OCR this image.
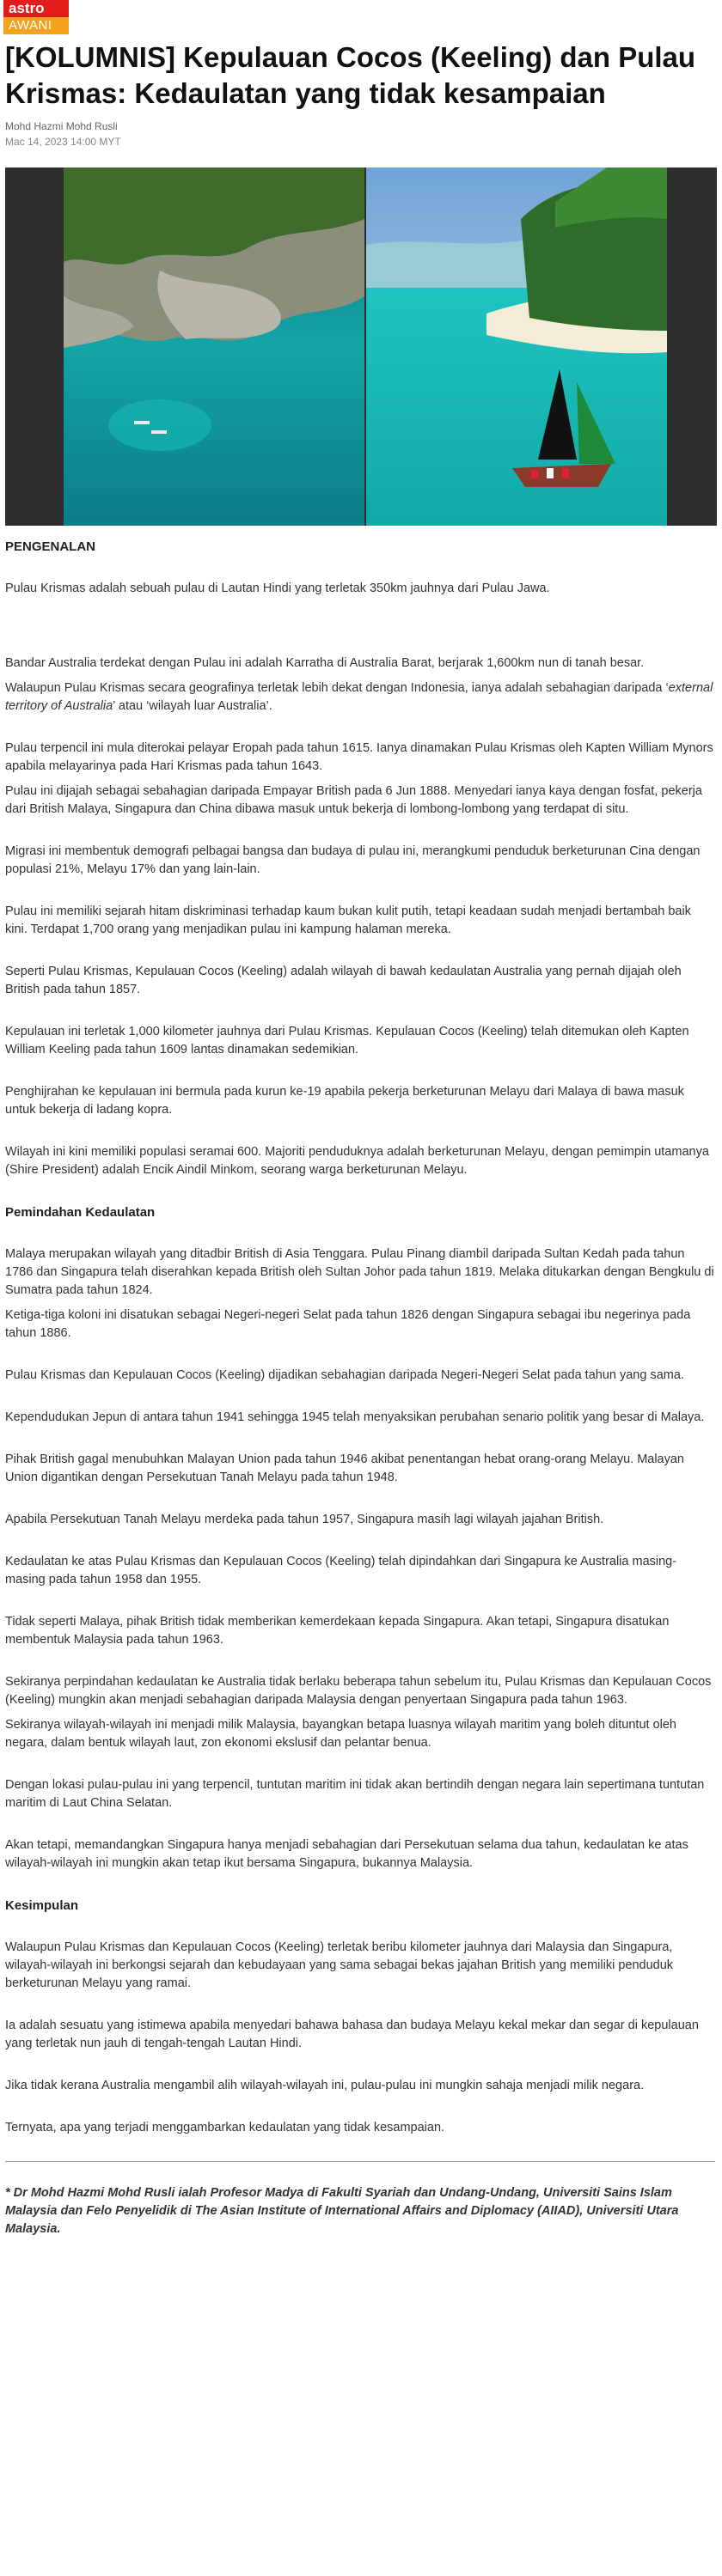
astro
AWANI
[KOLUMNIS] Kepulauan Cocos (Keeling) dan Pulau Krismas: Kedaulatan yang tidak kesampaian
Mohd Hazmi Mohd Rusli
Mac 14, 2023 14:00 MYT
PENGENALAN

Pulau Krismas adalah sebuah pulau di Lautan Hindi yang terletak 350km jauhnya dari Pulau Jawa.

Bandar Australia terdekat dengan Pulau ini adalah Karratha di Australia Barat, berjarak 1,600km nun di tanah besar.

Walaupun Pulau Krismas secara geografinya terletak lebih dekat dengan Indonesia, ianya adalah sebahagian daripada ‘external territory of Australia’ atau ‘wilayah luar Australia’.

Pulau terpencil ini mula diterokai pelayar Eropah pada tahun 1615. Ianya dinamakan Pulau Krismas oleh Kapten William Mynors apabila melayarinya pada Hari Krismas pada tahun 1643.

Pulau ini dijajah sebagai sebahagian daripada Empayar British pada 6 Jun 1888. Menyedari ianya kaya dengan fosfat, pekerja dari British Malaya, Singapura dan China dibawa masuk untuk bekerja di lombong-lombong yang terdapat di situ.

Migrasi ini membentuk demografi pelbagai bangsa dan budaya di pulau ini, merangkumi penduduk berketurunan Cina dengan populasi 21%, Melayu 17% dan yang lain-lain.

Pulau ini memiliki sejarah hitam diskriminasi terhadap kaum bukan kulit putih, tetapi keadaan sudah menjadi bertambah baik kini. Terdapat 1,700 orang yang menjadikan pulau ini kampung halaman mereka.

Seperti Pulau Krismas, Kepulauan Cocos (Keeling) adalah wilayah di bawah kedaulatan Australia yang pernah dijajah oleh British pada tahun 1857.

Kepulauan ini terletak 1,000 kilometer jauhnya dari Pulau Krismas. Kepulauan Cocos (Keeling) telah ditemukan oleh Kapten William Keeling pada tahun 1609 lantas dinamakan sedemikian.

Penghijrahan ke kepulauan ini bermula pada kurun ke-19 apabila pekerja berketurunan Melayu dari Malaya di bawa masuk untuk bekerja di ladang kopra.

Wilayah ini kini memiliki populasi seramai 600. Majoriti penduduknya adalah berketurunan Melayu, dengan pemimpin utamanya (Shire President) adalah Encik Aindil Minkom, seorang warga berketurunan Melayu.

Pemindahan Kedaulatan

Malaya merupakan wilayah yang ditadbir British di Asia Tenggara. Pulau Pinang diambil daripada Sultan Kedah pada tahun 1786 dan Singapura telah diserahkan kepada British oleh Sultan Johor pada tahun 1819. Melaka ditukarkan dengan Bengkulu di Sumatra pada tahun 1824.

Ketiga-tiga koloni ini disatukan sebagai Negeri-negeri Selat pada tahun 1826 dengan Singapura sebagai ibu negerinya pada tahun 1886.

Pulau Krismas dan Kepulauan Cocos (Keeling) dijadikan sebahagian daripada Negeri-Negeri Selat pada tahun yang sama.

Kependudukan Jepun di antara tahun 1941 sehingga 1945 telah menyaksikan perubahan senario politik yang besar di Malaya.

Pihak British gagal menubuhkan Malayan Union pada tahun 1946 akibat penentangan hebat orang-orang Melayu. Malayan Union digantikan dengan Persekutuan Tanah Melayu pada tahun 1948.

Apabila Persekutuan Tanah Melayu merdeka pada tahun 1957, Singapura masih lagi wilayah jajahan British.

Kedaulatan ke atas Pulau Krismas dan Kepulauan Cocos (Keeling) telah dipindahkan dari Singapura ke Australia masing-masing pada tahun 1958 dan 1955.

Tidak seperti Malaya, pihak British tidak memberikan kemerdekaan kepada Singapura. Akan tetapi, Singapura disatukan membentuk Malaysia pada tahun 1963.

Sekiranya perpindahan kedaulatan ke Australia tidak berlaku beberapa tahun sebelum itu, Pulau Krismas dan Kepulauan Cocos (Keeling) mungkin akan menjadi sebahagian daripada Malaysia dengan penyertaan Singapura pada tahun 1963.

Sekiranya wilayah-wilayah ini menjadi milik Malaysia, bayangkan betapa luasnya wilayah maritim yang boleh dituntut oleh negara, dalam bentuk wilayah laut, zon ekonomi ekslusif dan pelantar benua.

Dengan lokasi pulau-pulau ini yang terpencil, tuntutan maritim ini tidak akan bertindih dengan negara lain sepertimana tuntutan maritim di Laut China Selatan.

Akan tetapi, memandangkan Singapura hanya menjadi sebahagian dari Persekutuan selama dua tahun, kedaulatan ke atas wilayah-wilayah ini mungkin akan tetap ikut bersama Singapura, bukannya Malaysia.

Kesimpulan

Walaupun Pulau Krismas dan Kepulauan Cocos (Keeling) terletak beribu kilometer jauhnya dari Malaysia dan Singapura, wilayah-wilayah ini berkongsi sejarah dan kebudayaan yang sama sebagai bekas jajahan British yang memiliki penduduk berketurunan Melayu yang ramai.

Ia adalah sesuatu yang istimewa apabila menyedari bahawa bahasa dan budaya Melayu kekal mekar dan segar di kepulauan yang terletak nun jauh di tengah-tengah Lautan Hindi.

Jika tidak kerana Australia mengambil alih wilayah-wilayah ini, pulau-pulau ini mungkin sahaja menjadi milik negara.

Ternyata, apa yang terjadi menggambarkan kedaulatan yang tidak kesampaian.

* Dr Mohd Hazmi Mohd Rusli ialah Profesor Madya di Fakulti Syariah dan Undang-Undang, Universiti Sains Islam Malaysia dan Felo Penyelidik di The Asian Institute of International Affairs and Diplomacy (AIIAD), Universiti Utara Malaysia.
